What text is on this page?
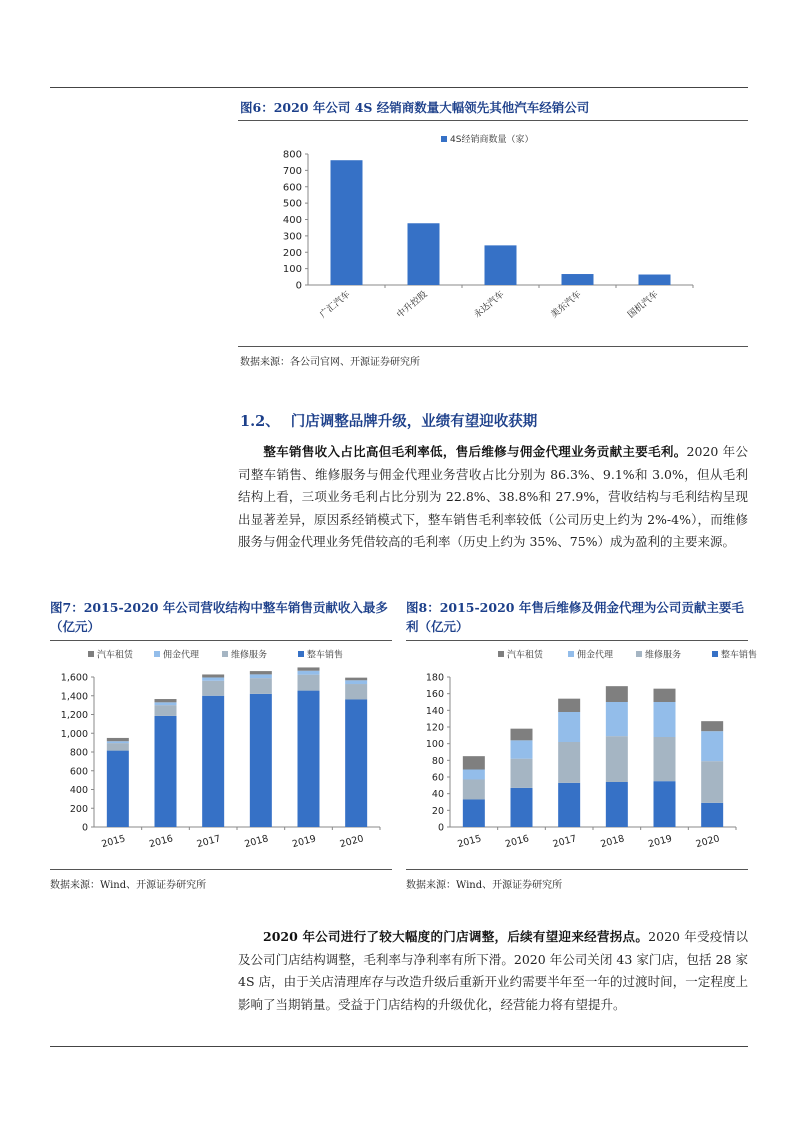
图6：2020 年公司 4S 经销商数量大幅领先其他汽车经销公司
4S经销商数量（家）
0
100
200
300
400
500
600
700
800
广汇汽车	中升控股	永达汽车	美东汽车	国机汽车
数据来源：各公司官网、开源证券研究所
1.2、 门店调整品牌升级，业绩有望迎收获期
整车销售收入占比高但毛利率低，售后维修与佣金代理业务贡献主要毛利。2020 年公司整车销售、维修服务与佣金代理业务营收占比分别为 86.3%、9.1%和 3.0%，但从毛利结构上看，三项业务毛利占比分别为 22.8%、38.8%和 27.9%，营收结构与毛利结构呈现出显著差异，原因系经销模式下，整车销售毛利率较低（公司历史上约为 2%-4%），而维修服务与佣金代理业务凭借较高的毛利率（历史上约为 35%、75%）成为盈利的主要来源。
图7：2015-2020 年公司营收结构中整车销售贡献收入最多（亿元）
汽车租赁	佣金代理	维修服务	整车销售
0
200
400
600
800
1,000
1,200
1,400
1,600
2015 2016 2017 2018 2019 2020
数据来源：Wind、开源证券研究所
图8：2015-2020 年售后维修及佣金代理为公司贡献主要毛利（亿元）
汽车租赁	佣金代理	维修服务	整车销售
0
20
40
60
80
100
120
140
160
180
2015 2016 2017 2018 2019 2020
数据来源：Wind、开源证券研究所
2020 年公司进行了较大幅度的门店调整，后续有望迎来经营拐点。2020 年受疫情以及公司门店结构调整，毛利率与净利率有所下滑。2020 年公司关闭 43 家门店，包括 28 家 4S 店，由于关店清理库存与改造升级后重新开业约需要半年至一年的过渡时间，一定程度上影响了当期销量。受益于门店结构的升级优化，经营能力将有望提升。
